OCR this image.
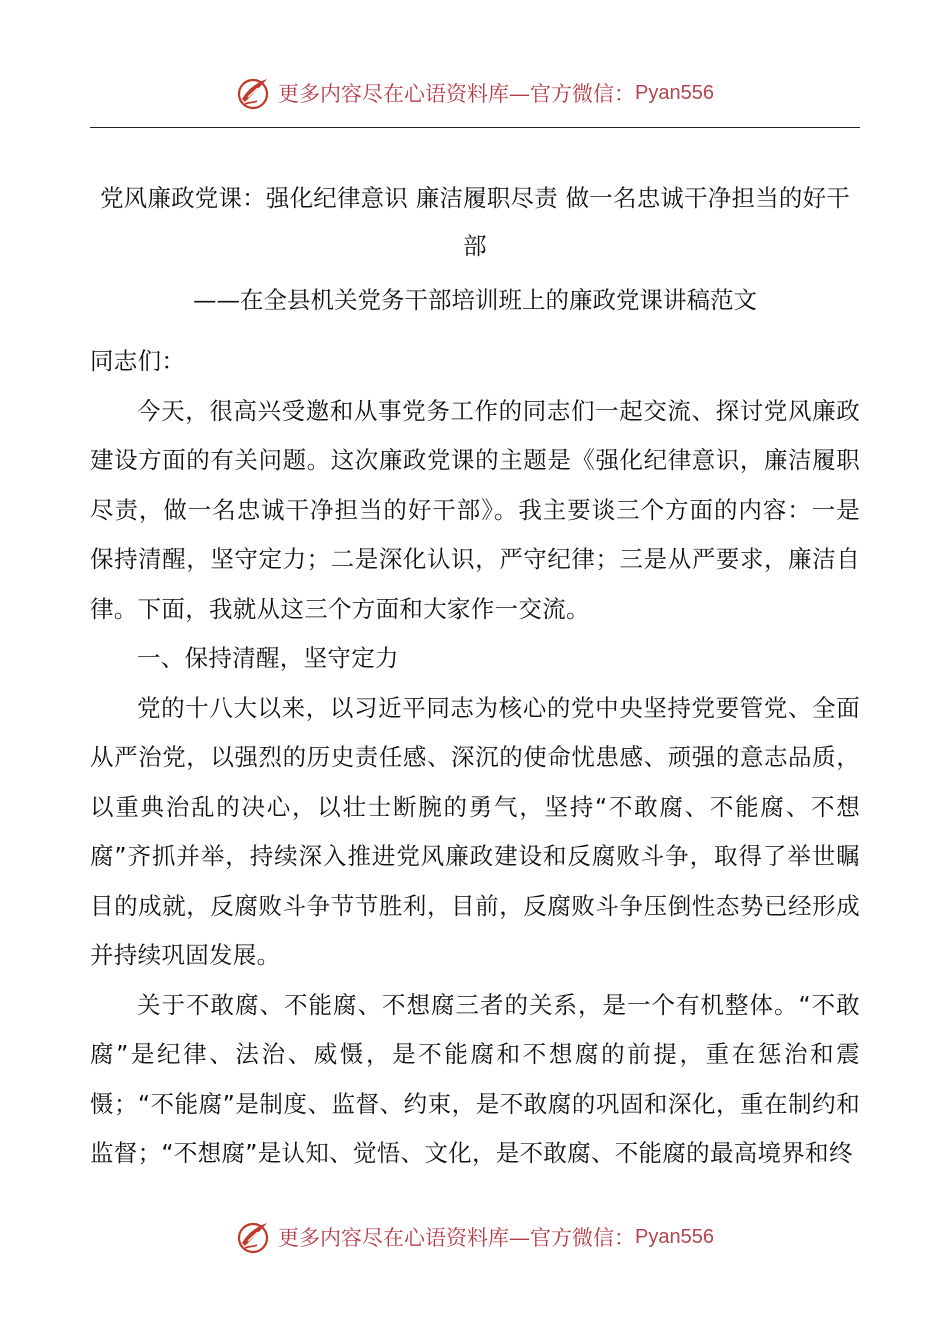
更多内容尽在心语资料库— 官方微信： Pyan556
党风廉政党课：强化纪律意识 廉洁履职尽责 做一名忠诚干净担当的好干部
——在全县机关党务干部培训班上的廉政党课讲稿范文

同志们：

今天，很高兴受邀和从事党务工作的同志们一起交流、探讨党风廉政建设方面的有关问题。这次廉政党课的主题是《强化纪律意识，廉洁履职尽责，做一名忠诚干净担当的好干部》。我主要谈三个方面的内容：一是保持清醒，坚守定力；二是深化认识，严守纪律；三是从严要求，廉洁自律。下面，我就从这三个方面和大家作一交流。

一、保持清醒，坚守定力

党的十八大以来，以习近平同志为核心的党中央坚持党要管党、全面从严治党，以强烈的历史责任感、深沉的使命忧患感、顽强的意志品质，以重典治乱的决心，以壮士断腕的勇气，坚持“不敢腐、不能腐、不想腐”齐抓并举，持续深入推进党风廉政建设和反腐败斗争，取得了举世瞩目的成就，反腐败斗争节节胜利，目前，反腐败斗争压倒性态势已经形成并持续巩固发展。

关于不敢腐、不能腐、不想腐三者的关系，是一个有机整体。“不敢腐”是纪律、法治、威慑，是不能腐和不想腐的前提，重在惩治和震慑；“不能腐”是制度、监督、约束，是不敢腐的巩固和深化，重在制约和监督；“不想腐”是认知、觉悟、文化，是不敢腐、不能腐的最高境界和终

更多内容尽在心语资料库— 官方微信： Pyan556
